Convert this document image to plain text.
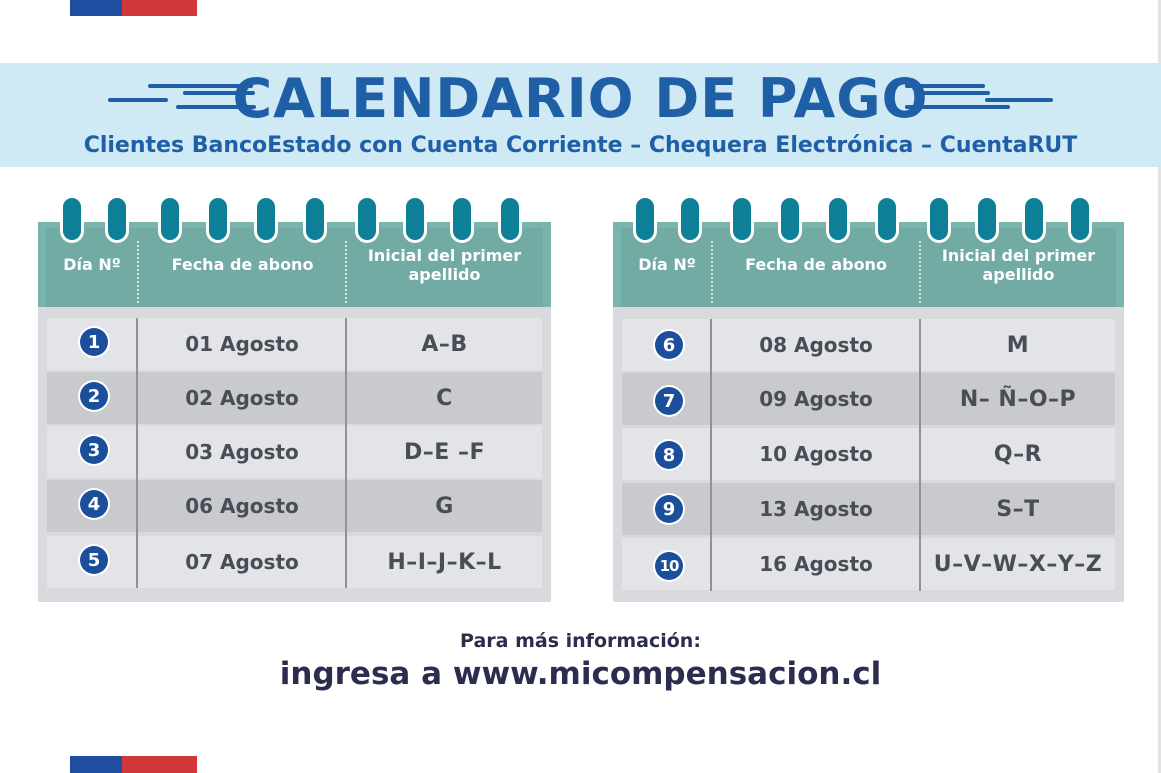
CALENDARIO DE PAGO
Clientes BancoEstado con Cuenta Corriente – Chequera Electrónica – CuentaRUT
Día Nº	Fecha de abono	Inicial del primer apellido
1	01 Agosto	A–B
2	02 Agosto	C
3	03 Agosto	D–E –F
4	06 Agosto	G
5	07 Agosto	H–I–J–K–L
Día Nº	Fecha de abono	Inicial del primer apellido
6	08 Agosto	M
7	09 Agosto	N– Ñ–O–P
8	10 Agosto	Q–R
9	13 Agosto	S–T
10	16 Agosto	U–V–W–X–Y–Z
Para más información:
ingresa a www.micompensacion.cl
